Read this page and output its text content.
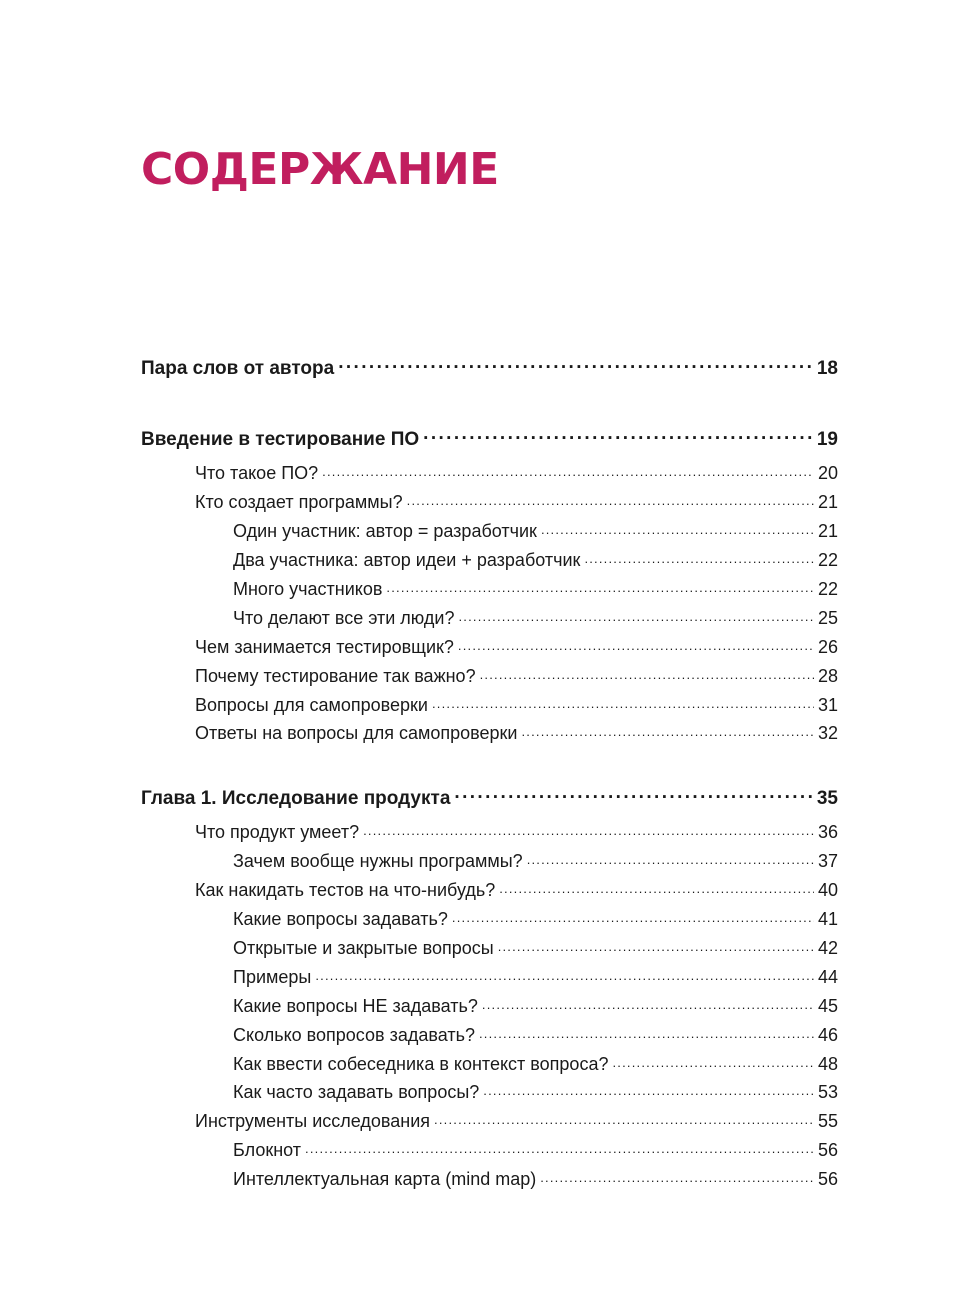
СОДЕРЖАНИЕ
Пара слов от автора .....	18
Введение в тестирование ПО .....	19
Что такое ПО? .....	20
Кто создает программы? .....	21
Один участник: автор = разработчик .....	21
Два участника: автор идеи + разработчик .....	22
Много участников .....	22
Что делают все эти люди? .....	25
Чем занимается тестировщик? .....	26
Почему тестирование так важно? .....	28
Вопросы для самопроверки .....	31
Ответы на вопросы для самопроверки .....	32
Глава 1. Исследование продукта .....	35
Что продукт умеет? .....	36
Зачем вообще нужны программы? .....	37
Как накидать тестов на что-нибудь? .....	40
Какие вопросы задавать? .....	41
Открытые и закрытые вопросы .....	42
Примеры .....	44
Какие вопросы НЕ задавать? .....	45
Сколько вопросов задавать? .....	46
Как ввести собеседника в контекст вопроса? .....	48
Как часто задавать вопросы? .....	53
Инструменты исследования .....	55
Блокнот .....	56
Интеллектуальная карта (mind map) .....	56
